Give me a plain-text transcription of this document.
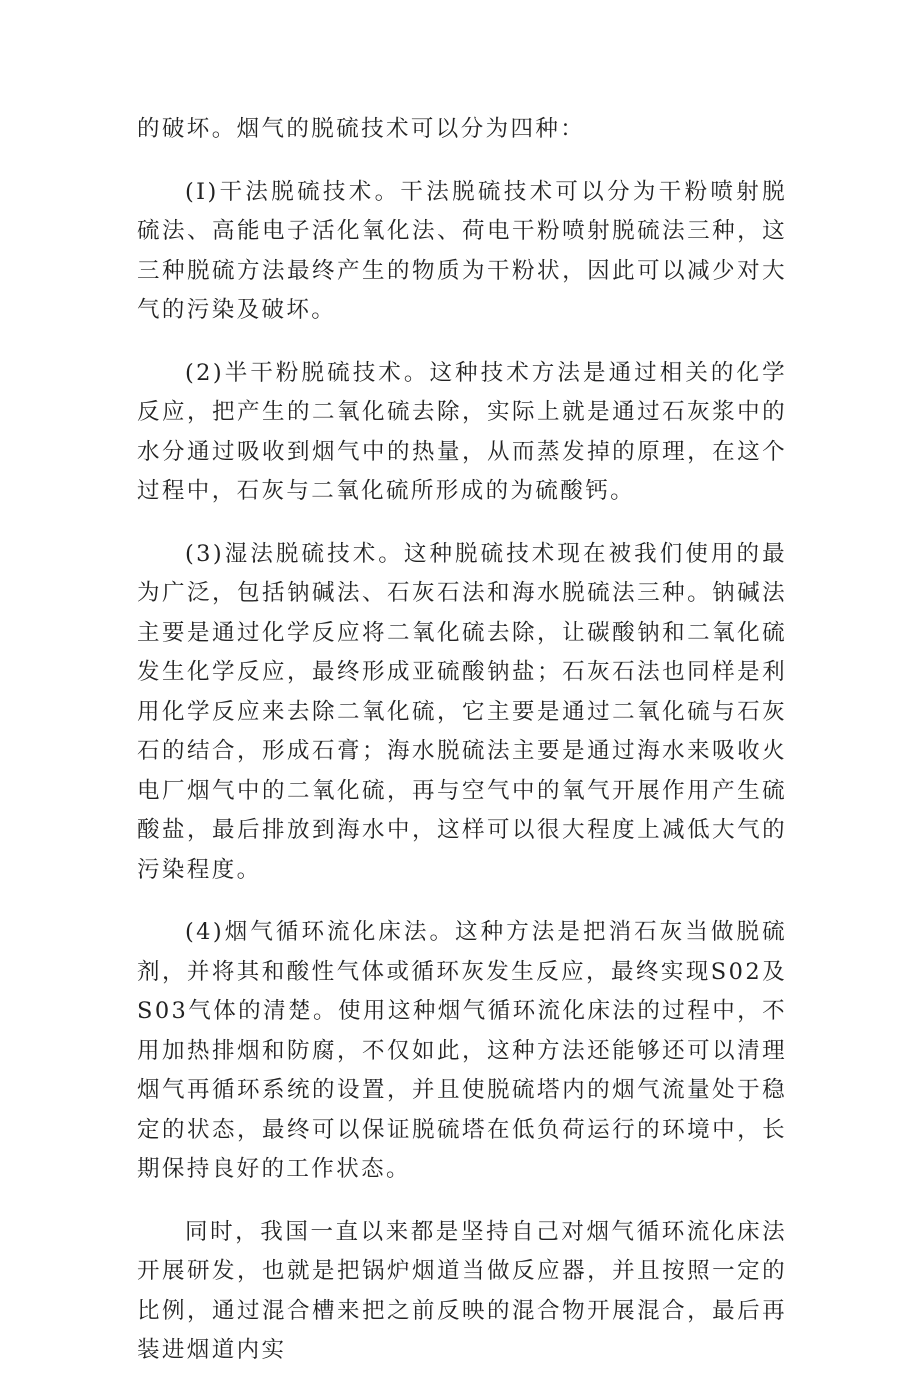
的破坏。烟气的脱硫技术可以分为四种：

(I)干法脱硫技术。干法脱硫技术可以分为干粉喷射脱硫法、高能电子活化氧化法、荷电干粉喷射脱硫法三种，这三种脱硫方法最终产生的物质为干粉状，因此可以减少对大气的污染及破坏。

(2)半干粉脱硫技术。这种技术方法是通过相关的化学反应，把产生的二氧化硫去除，实际上就是通过石灰浆中的水分通过吸收到烟气中的热量，从而蒸发掉的原理，在这个过程中，石灰与二氧化硫所形成的为硫酸钙。

(3)湿法脱硫技术。这种脱硫技术现在被我们使用的最为广泛，包括钠碱法、石灰石法和海水脱硫法三种。钠碱法主要是通过化学反应将二氧化硫去除，让碳酸钠和二氧化硫发生化学反应，最终形成亚硫酸钠盐；石灰石法也同样是利用化学反应来去除二氧化硫，它主要是通过二氧化硫与石灰石的结合，形成石膏；海水脱硫法主要是通过海水来吸收火电厂烟气中的二氧化硫，再与空气中的氧气开展作用产生硫酸盐，最后排放到海水中，这样可以很大程度上减低大气的污染程度。

(4)烟气循环流化床法。这种方法是把消石灰当做脱硫剂，并将其和酸性气体或循环灰发生反应，最终实现S02及S03气体的清楚。使用这种烟气循环流化床法的过程中，不用加热排烟和防腐，不仅如此，这种方法还能够还可以清理烟气再循环系统的设置，并且使脱硫塔内的烟气流量处于稳定的状态，最终可以保证脱硫塔在低负荷运行的环境中，长期保持良好的工作状态。

同时，我国一直以来都是坚持自己对烟气循环流化床法开展研发，也就是把锅炉烟道当做反应器，并且按照一定的比例，通过混合槽来把之前反映的混合物开展混合，最后再装进烟道内实
